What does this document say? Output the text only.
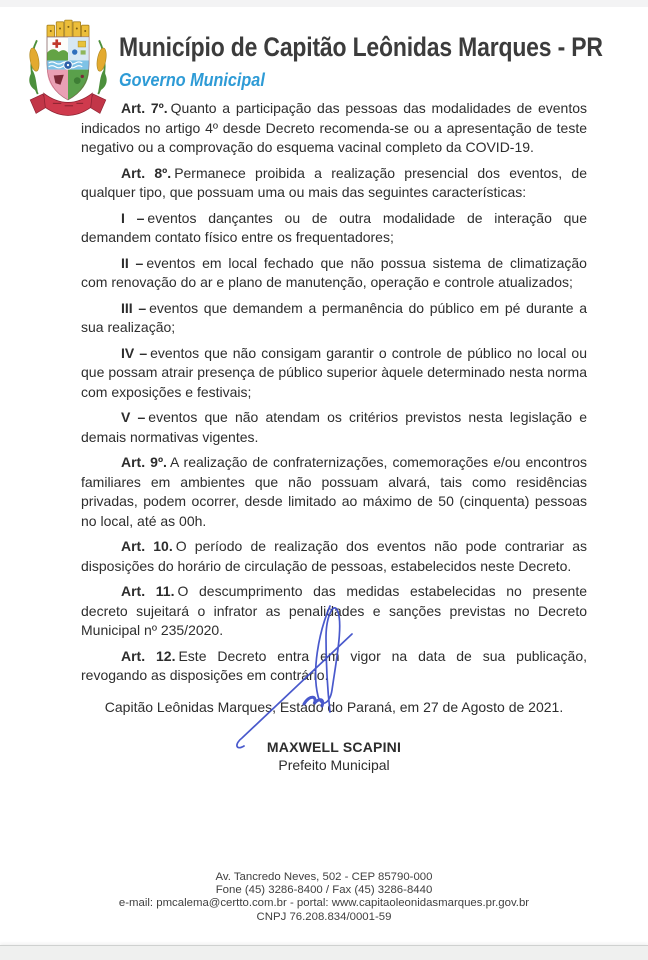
Município de Capitão Leônidas Marques - PR
Governo Municipal

Art. 7º. Quanto a participação das pessoas das modalidades de eventos indicados no artigo 4º desde Decreto recomenda-se ou a apresentação de teste negativo ou a comprovação do esquema vacinal completo da COVID-19.

Art. 8º. Permanece proibida a realização presencial dos eventos, de qualquer tipo, que possuam uma ou mais das seguintes características:

I – eventos dançantes ou de outra modalidade de interação que demandem contato físico entre os frequentadores;

II – eventos em local fechado que não possua sistema de climatização com renovação do ar e plano de manutenção, operação e controle atualizados;

III – eventos que demandem a permanência do público em pé durante a sua realização;

IV – eventos que não consigam garantir o controle de público no local ou que possam atrair presença de público superior àquele determinado nesta norma com exposições e festivais;

V – eventos que não atendam os critérios previstos nesta legislação e demais normativas vigentes.

Art. 9º. A realização de confraternizações, comemorações e/ou encontros familiares em ambientes que não possuam alvará, tais como residências privadas, podem ocorrer, desde limitado ao máximo de 50 (cinquenta) pessoas no local, até as 00h.

Art. 10. O período de realização dos eventos não pode contrariar as disposições do horário de circulação de pessoas, estabelecidos neste Decreto.

Art. 11. O descumprimento das medidas estabelecidas no presente decreto sujeitará o infrator as penalidades e sanções previstas no Decreto Municipal nº 235/2020.

Art. 12. Este Decreto entra em vigor na data de sua publicação, revogando as disposições em contrário.

Capitão Leônidas Marques, Estado do Paraná, em 27 de Agosto de 2021.

MAXWELL SCAPINI
Prefeito Municipal
Av. Tancredo Neves, 502 - CEP 85790-000
Fone (45) 3286-8400 / Fax (45) 3286-8440
e-mail: pmcalema@certto.com.br - portal: www.capitaoleonidasmarques.pr.gov.br
CNPJ 76.208.834/0001-59
